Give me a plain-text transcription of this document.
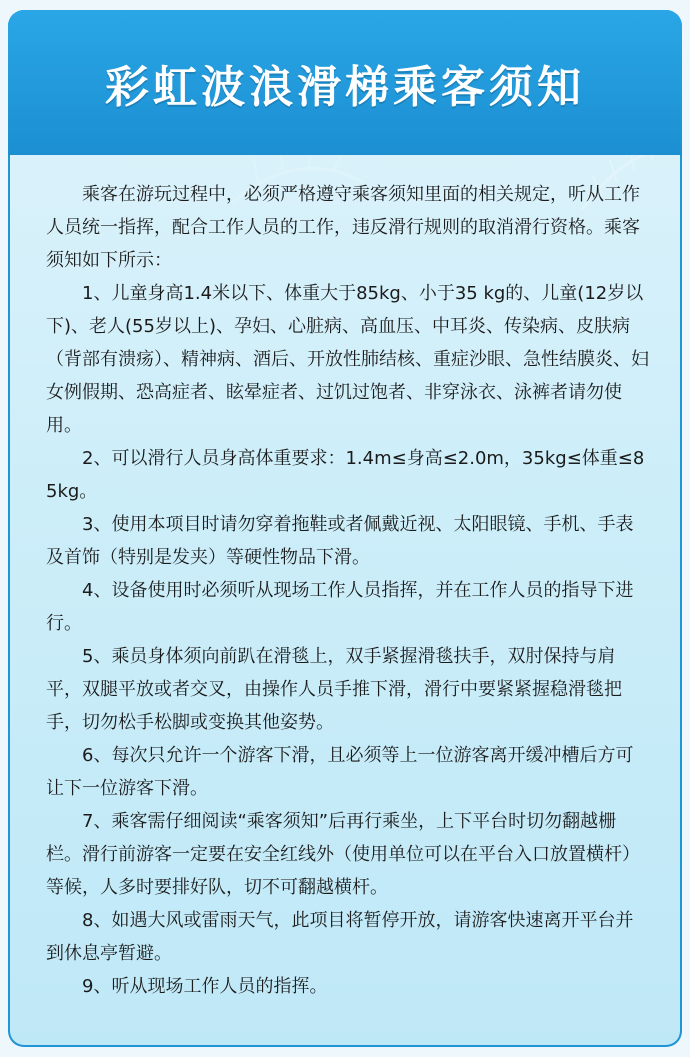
彩虹波浪滑梯乘客须知

乘客在游玩过程中，必须严格遵守乘客须知里面的相关规定，听从工作人员统一指挥，配合工作人员的工作，违反滑行规则的取消滑行资格。乘客须知如下所示：

1、儿童身高1.4米以下、体重大于85kg、小于35 kg的、儿童(12岁以下)、老人(55岁以上)、孕妇、心脏病、高血压、中耳炎、传染病、皮肤病（背部有溃疡）、精神病、酒后、开放性肺结核、重症沙眼、急性结膜炎、妇女例假期、恐高症者、眩晕症者、过饥过饱者、非穿泳衣、泳裤者请勿使用。

2、可以滑行人员身高体重要求：1.4m≤身高≤2.0m，35kg≤体重≤85kg。

3、使用本项目时请勿穿着拖鞋或者佩戴近视、太阳眼镜、手机、手表及首饰（特别是发夹）等硬性物品下滑。

4、设备使用时必须听从现场工作人员指挥，并在工作人员的指导下进行。

5、乘员身体须向前趴在滑毯上，双手紧握滑毯扶手，双肘保持与肩平，双腿平放或者交叉，由操作人员手推下滑，滑行中要紧紧握稳滑毯把手，切勿松手松脚或变换其他姿势。

6、每次只允许一个游客下滑，且必须等上一位游客离开缓冲槽后方可让下一位游客下滑。

7、乘客需仔细阅读“乘客须知”后再行乘坐，上下平台时切勿翻越栅栏。滑行前游客一定要在安全红线外（使用单位可以在平台入口放置横杆）等候，人多时要排好队，切不可翻越横杆。

8、如遇大风或雷雨天气，此项目将暂停开放，请游客快速离开平台并到休息亭暂避。

9、听从现场工作人员的指挥。
